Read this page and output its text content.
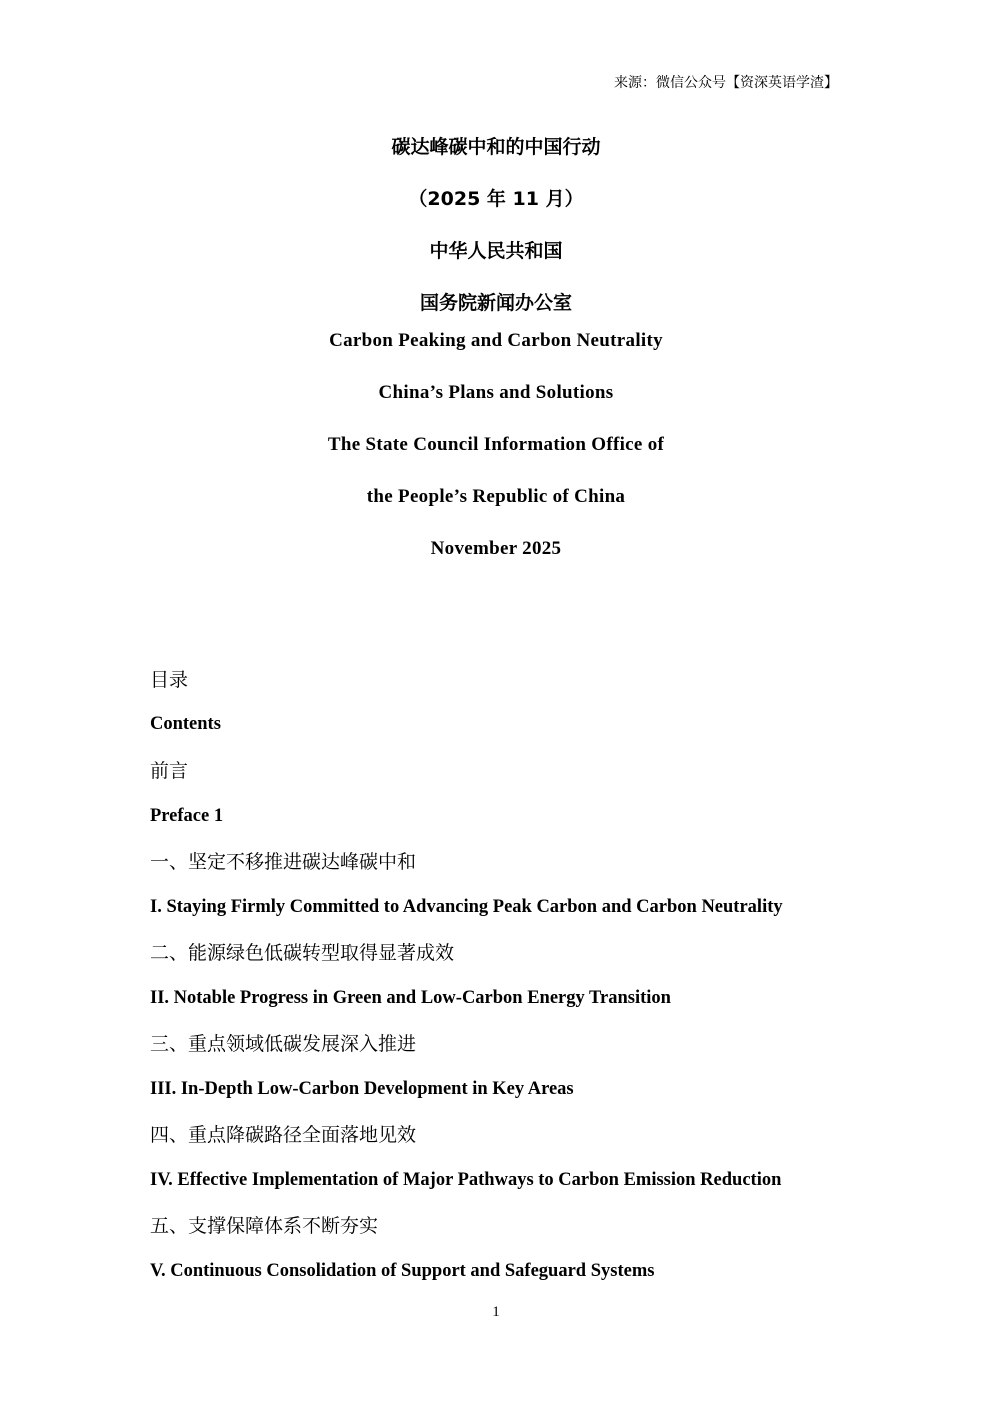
来源：微信公众号【资深英语学渣】
碳达峰碳中和的中国行动
（2025 年 11 月）
中华人民共和国
国务院新闻办公室
Carbon Peaking and Carbon Neutrality
China’s Plans and Solutions
The State Council Information Office of
the People’s Republic of China
November 2025
目录
Contents
前言
Preface 1
一、坚定不移推进碳达峰碳中和
I. Staying Firmly Committed to Advancing Peak Carbon and Carbon Neutrality
二、能源绿色低碳转型取得显著成效
II. Notable Progress in Green and Low-Carbon Energy Transition
三、重点领域低碳发展深入推进
III. In-Depth Low-Carbon Development in Key Areas
四、重点降碳路径全面落地见效
IV. Effective Implementation of Major Pathways to Carbon Emission Reduction
五、支撑保障体系不断夯实
V. Continuous Consolidation of Support and Safeguard Systems
1
